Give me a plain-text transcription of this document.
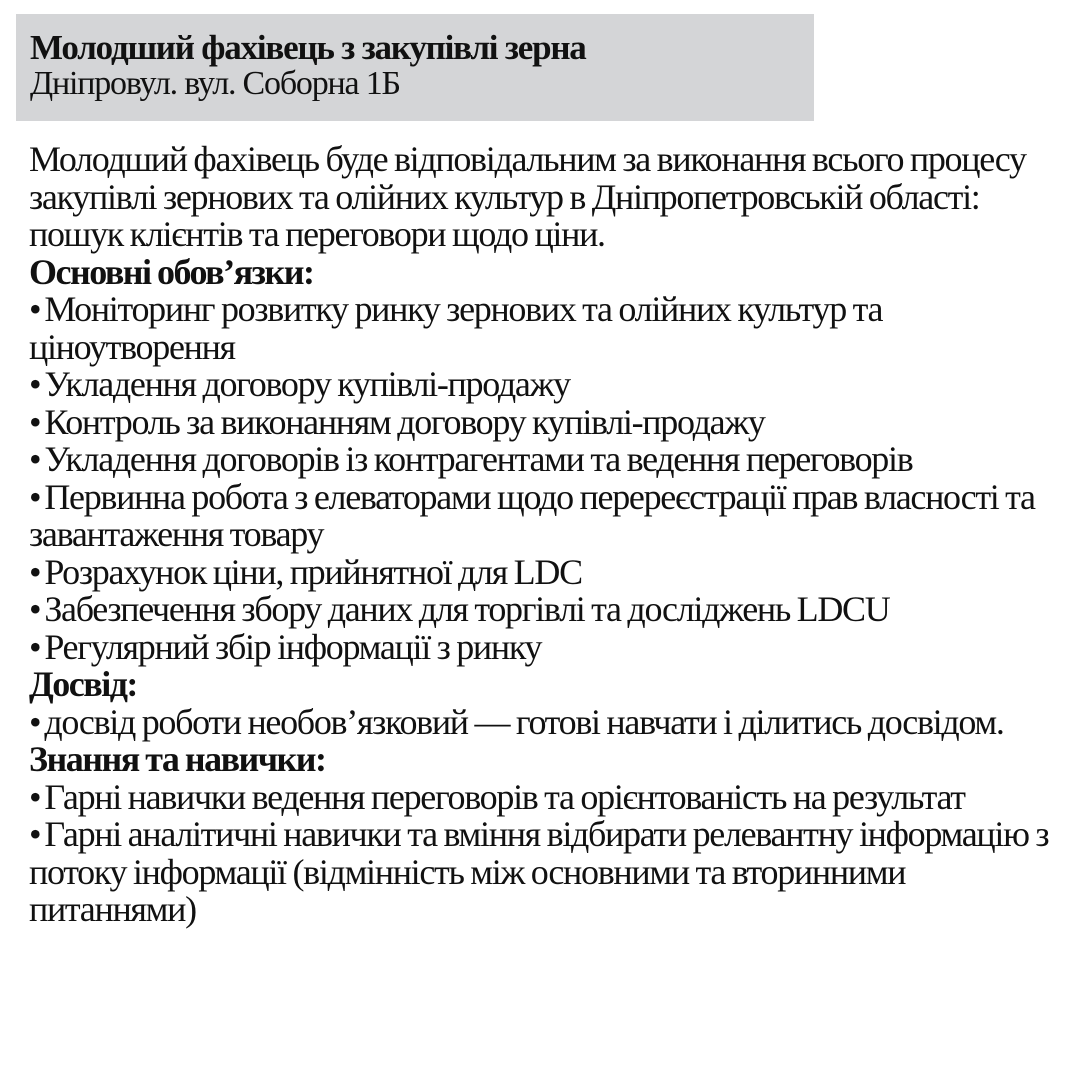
Молодший фахівець з закупівлі зерна
Дніпровул. вул. Соборна 1Б

Молодший фахівець буде відповідальним за виконання всього процесу закупівлі зернових та олійних культур в Дніпропетровській області: пошук клієнтів та переговори щодо ціни.

Основні обов’язки:

• Моніторинг розвитку ринку зернових та олійних культур та ціноутворення

• Укладення договору купівлі-продажу

• Контроль за виконанням договору купівлі-продажу

• Укладення договорів із контрагентами та ведення переговорів

• Первинна робота з елеваторами щодо перереєстрації прав власності та завантаження товару

• Розрахунок ціни, прийнятної для LDC

• Забезпечення збору даних для торгівлі та досліджень LDCU

• Регулярний збір інформації з ринку

Досвід:

• досвід роботи необов’язковий — готові навчати і ділитись досвідом.

Знання та навички:

• Гарні навички ведення переговорів та орієнтованість на результат

• Гарні аналітичні навички та вміння відбирати релевантну інформацію з потоку інформації (відмінність між основними та вторинними питаннями)
